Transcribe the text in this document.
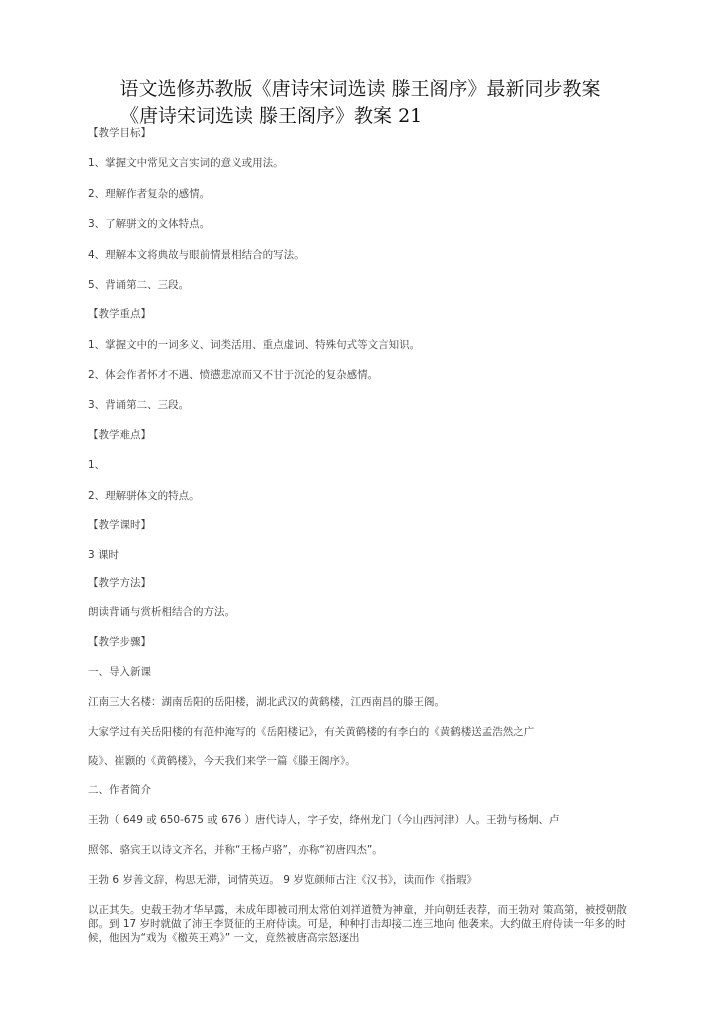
语文选修苏教版《唐诗宋词选读 滕王阁序》最新同步教案
《唐诗宋词选读 滕王阁序》教案 21
【教学目标】
1、掌握文中常见文言实词的意义或用法。
2、理解作者复杂的感情。
3、了解骈文的文体特点。
4、理解本文将典故与眼前情景相结合的写法。
5、背诵第二、三段。
【教学重点】
1、掌握文中的一词多义、词类活用、重点虚词、特殊句式等文言知识。
2、体会作者怀才不遇、愤懑悲凉而又不甘于沉沦的复杂感情。
3、背诵第二、三段。
【教学难点】
1、
2、理解骈体文的特点。
【教学课时】
3 课时
【教学方法】
朗读背诵与赏析相结合的方法。
【教学步骤】
一、导入新课
江南三大名楼：湖南岳阳的岳阳楼，湖北武汉的黄鹤楼，江西南昌的滕王阁。
大家学过有关岳阳楼的有范仲淹写的《岳阳楼记》，有关黄鹤楼的有李白的《黄鹤楼送孟浩然之广
陵》、崔颢的《黄鹤楼》，今天我们来学一篇《滕王阁序》。
二、作者简介
王勃（ 649 或 650-675 或 676 ）唐代诗人，字子安，绛州龙门（今山西河津）人。王勃与杨炯、卢
照邻、骆宾王以诗文齐名，并称“王杨卢骆”，亦称“初唐四杰”。
王勃 6 岁善文辞，构思无滞，词情英迈。 9 岁览颜师古注《汉书》，读而作《指瑕》
以正其失。史载王勃才华早露，未成年即被司刑太常伯刘祥道赞为神童，并向朝廷表荐，而王勃对 策高第，被授朝散郎。到 17 岁时就做了沛王李贤征的王府侍读。可是，种种打击却接二连三地向 他袭来。大约做王府侍读一年多的时候，他因为“戏为《檄英王鸡》” 一文，竟然被唐高宗怒逐出
